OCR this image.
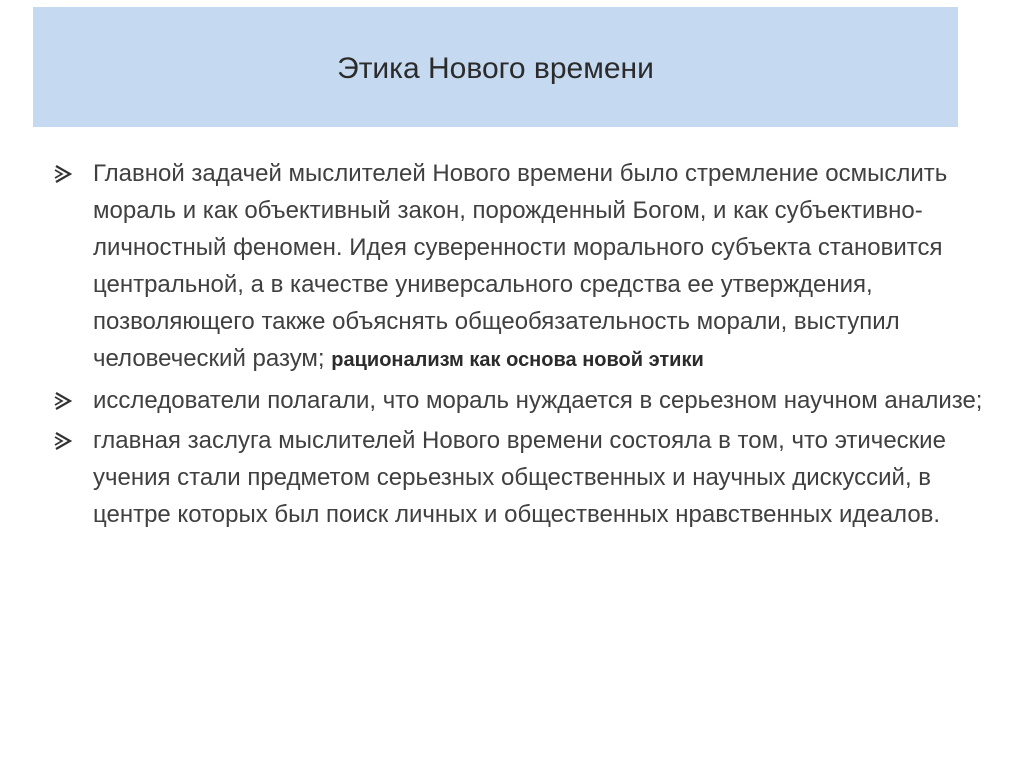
Этика Нового времени
Главной задачей мыслителей Нового времени было стремление осмыслить мораль и как объективный закон, порожденный Богом, и как субъективно-личностный феномен. Идея суверенности морального субъекта становится центральной, а в качестве универсального средства ее утверждения, позволяющего также объяснять общеобязательность морали, выступил человеческий разум; рационализм как основа новой этики
исследователи полагали, что мораль нуждается в серьезном научном анализе;
главная заслуга мыслителей Нового времени состояла в том, что этические учения стали предметом серьезных общественных и научных дискуссий, в центре которых был поиск личных и общественных нравственных идеалов.
